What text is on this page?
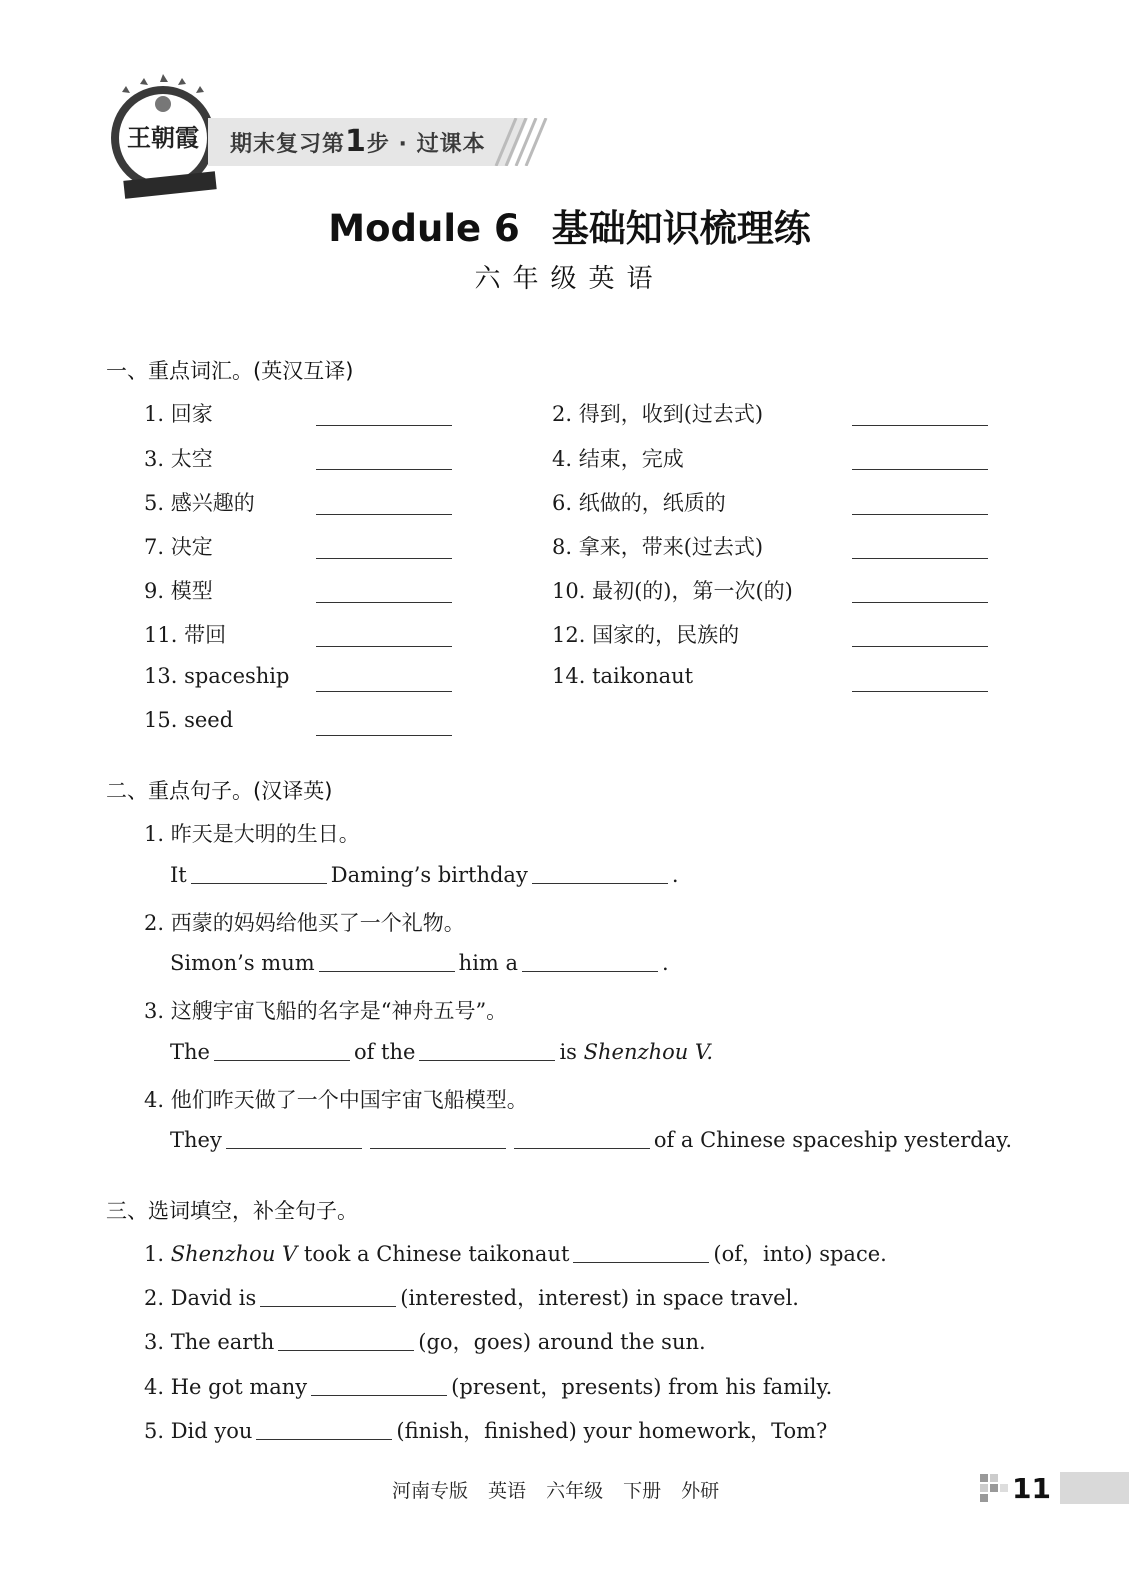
王朝霞 期末复习第1步 · 过课本
Module 6 基础知识梳理练
六年级英语
一、重点词汇。(英汉互译)
1. 回家	2. 得到，收到(过去式)
3. 太空	4. 结束，完成
5. 感兴趣的	6. 纸做的，纸质的
7. 决定	8. 拿来，带来(过去式)
9. 模型	10. 最初(的)，第一次(的)
11. 带回	12. 国家的，民族的
13. spaceship	14. taikonaut
15. seed
二、重点句子。(汉译英)
1. 昨天是大明的生日。
It	Daming’s birthday	.
2. 西蒙的妈妈给他买了一个礼物。
Simon’s mum	him a	.
3. 这艘宇宙飞船的名字是“神舟五号”。
The	of the	is Shenzhou V.
4. 他们昨天做了一个中国宇宙飞船模型。
They	of a Chinese spaceship yesterday.
三、选词填空，补全句子。
1. Shenzhou V took a Chinese taikonaut	(of，into) space.
2. David is	(interested，interest) in space travel.
3. The earth	(go，goes) around the sun.
4. He got many	(present，presents) from his family.
5. Did you	(finish，finished) your homework，Tom?
河南专版 英语 六年级 下册 外研	11
